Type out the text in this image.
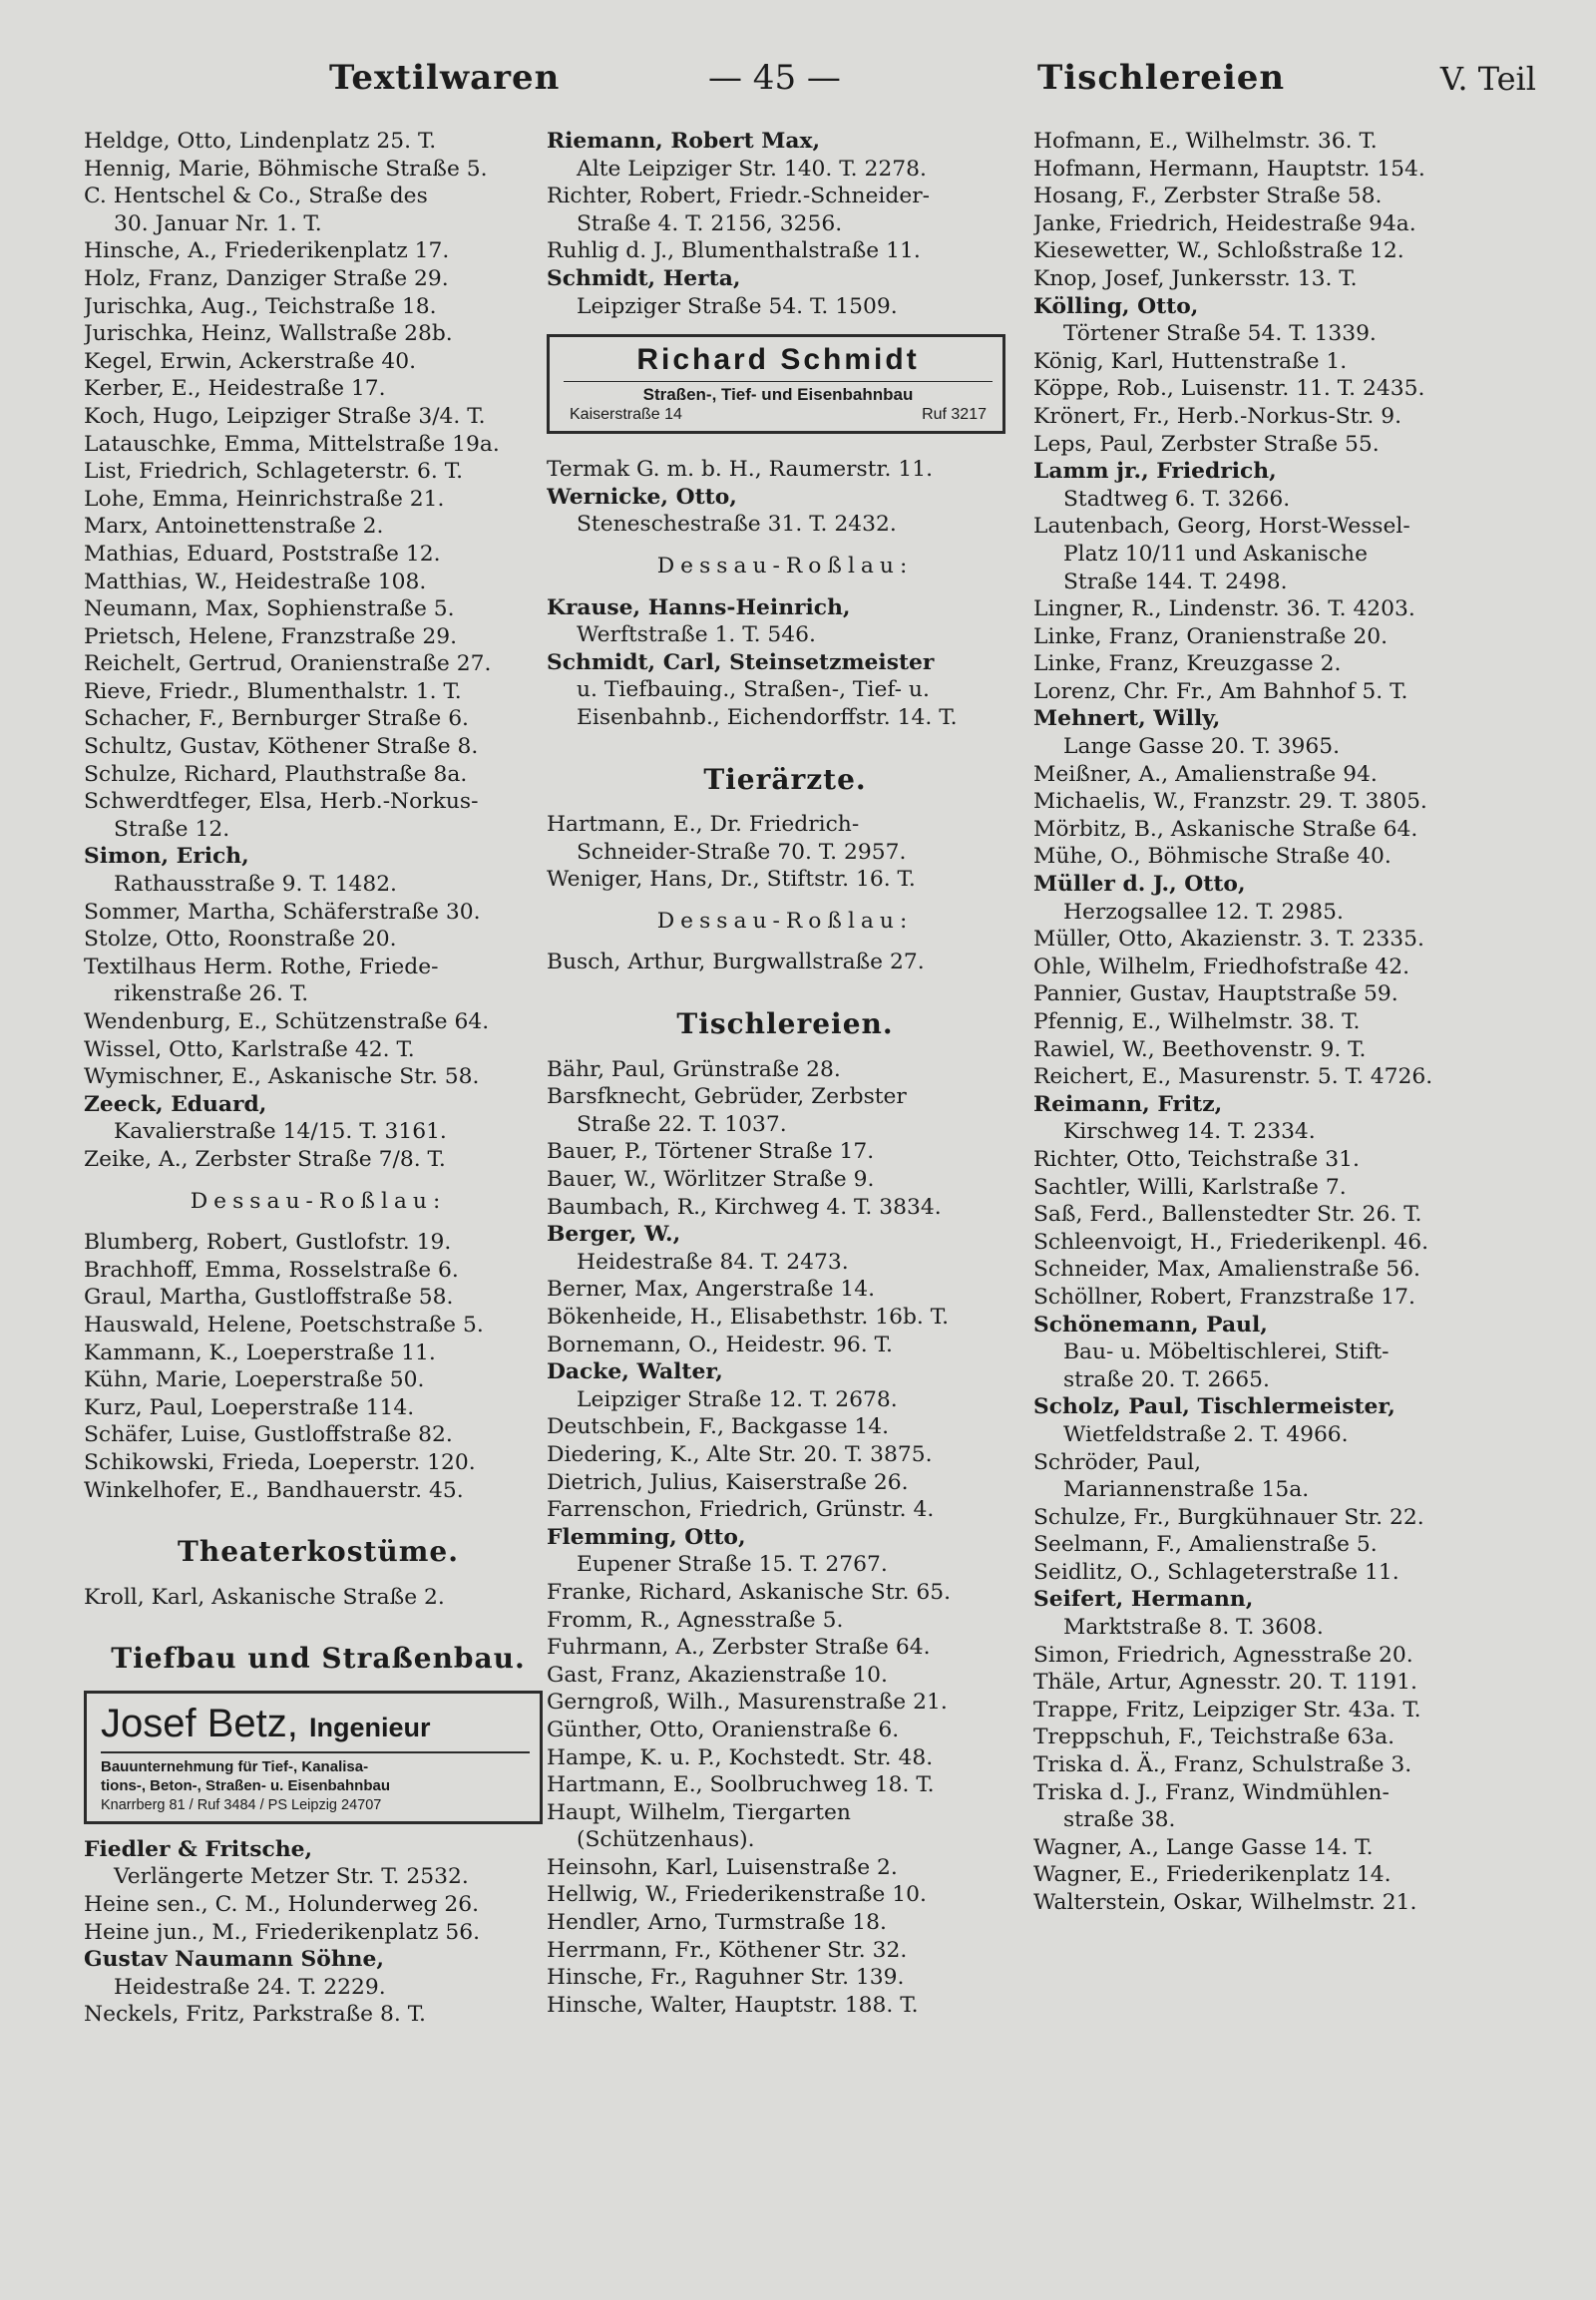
Textilwaren	— 45 —	Tischlereien	V. Teil
Heldge, Otto, Lindenplatz 25. T.
Hennig, Marie, Böhmische Straße 5.
C. Hentschel & Co., Straße des
30. Januar Nr. 1. T.
Hinsche, A., Friederikenplatz 17.
Holz, Franz, Danziger Straße 29.
Jurischka, Aug., Teichstraße 18.
Jurischka, Heinz, Wallstraße 28b.
Kegel, Erwin, Ackerstraße 40.
Kerber, E., Heidestraße 17.
Koch, Hugo, Leipziger Straße 3/4. T.
Latauschke, Emma, Mittelstraße 19a.
List, Friedrich, Schlageterstr. 6. T.
Lohe, Emma, Heinrichstraße 21.
Marx, Antoinettenstraße 2.
Mathias, Eduard, Poststraße 12.
Matthias, W., Heidestraße 108.
Neumann, Max, Sophienstraße 5.
Prietsch, Helene, Franzstraße 29.
Reichelt, Gertrud, Oranienstraße 27.
Rieve, Friedr., Blumenthalstr. 1. T.
Schacher, F., Bernburger Straße 6.
Schultz, Gustav, Köthener Straße 8.
Schulze, Richard, Plauthstraße 8a.
Schwerdtfeger, Elsa, Herb.-Norkus-
Straße 12.
Simon, Erich,
Rathausstraße 9. T. 1482.
Sommer, Martha, Schäferstraße 30.
Stolze, Otto, Roonstraße 20.
Textilhaus Herm. Rothe, Friede-
rikenstraße 26. T.
Wendenburg, E., Schützenstraße 64.
Wissel, Otto, Karlstraße 42. T.
Wymischner, E., Askanische Str. 58.
Zeeck, Eduard,
Kavalierstraße 14/15. T. 3161.
Zeike, A., Zerbster Straße 7/8. T.
Dessau-Roßlau:
Blumberg, Robert, Gustlofstr. 19.
Brachhoff, Emma, Rosselstraße 6.
Graul, Martha, Gustloffstraße 58.
Hauswald, Helene, Poetschstraße 5.
Kammann, K., Loeperstraße 11.
Kühn, Marie, Loeperstraße 50.
Kurz, Paul, Loeperstraße 114.
Schäfer, Luise, Gustloffstraße 82.
Schikowski, Frieda, Loeperstr. 120.
Winkelhofer, E., Bandhauerstr. 45.
Theaterkostüme.
Kroll, Karl, Askanische Straße 2.
Tiefbau und Straßenbau.
Josef Betz, Ingenieur
Bauunternehmung für Tief-, Kanalisa-
tions-, Beton-, Straßen- u. Eisenbahnbau
Knarrberg 81 / Ruf 3484 / PS Leipzig 24707
Fiedler & Fritsche,
Verlängerte Metzer Str. T. 2532.
Heine sen., C. M., Holunderweg 26.
Heine jun., M., Friederikenplatz 56.
Gustav Naumann Söhne,
Heidestraße 24. T. 2229.
Neckels, Fritz, Parkstraße 8. T.
Riemann, Robert Max,
Alte Leipziger Str. 140. T. 2278.
Richter, Robert, Friedr.-Schneider-
Straße 4. T. 2156, 3256.
Ruhlig d. J., Blumenthalstraße 11.
Schmidt, Herta,
Leipziger Straße 54. T. 1509.
Richard Schmidt
Straßen-, Tief- und Eisenbahnbau
Kaiserstraße 14	Ruf 3217
Termak G. m. b. H., Raumerstr. 11.
Wernicke, Otto,
Steneschestraße 31. T. 2432.
Dessau-Roßlau:
Krause, Hanns-Heinrich,
Werftstraße 1. T. 546.
Schmidt, Carl, Steinsetzmeister
u. Tiefbauing., Straßen-, Tief- u.
Eisenbahnb., Eichendorffstr. 14. T.
Tierärzte.
Hartmann, E., Dr. Friedrich-
Schneider-Straße 70. T. 2957.
Weniger, Hans, Dr., Stiftstr. 16. T.
Dessau-Roßlau:
Busch, Arthur, Burgwallstraße 27.
Tischlereien.
Bähr, Paul, Grünstraße 28.
Barsfknecht, Gebrüder, Zerbster
Straße 22. T. 1037.
Bauer, P., Törtener Straße 17.
Bauer, W., Wörlitzer Straße 9.
Baumbach, R., Kirchweg 4. T. 3834.
Berger, W.,
Heidestraße 84. T. 2473.
Berner, Max, Angerstraße 14.
Bökenheide, H., Elisabethstr. 16b. T.
Bornemann, O., Heidestr. 96. T.
Dacke, Walter,
Leipziger Straße 12. T. 2678.
Deutschbein, F., Backgasse 14.
Diedering, K., Alte Str. 20. T. 3875.
Dietrich, Julius, Kaiserstraße 26.
Farrenschon, Friedrich, Grünstr. 4.
Flemming, Otto,
Eupener Straße 15. T. 2767.
Franke, Richard, Askanische Str. 65.
Fromm, R., Agnesstraße 5.
Fuhrmann, A., Zerbster Straße 64.
Gast, Franz, Akazienstraße 10.
Gerngroß, Wilh., Masurenstraße 21.
Günther, Otto, Oranienstraße 6.
Hampe, K. u. P., Kochstedt. Str. 48.
Hartmann, E., Soolbruchweg 18. T.
Haupt, Wilhelm, Tiergarten
(Schützenhaus).
Heinsohn, Karl, Luisenstraße 2.
Hellwig, W., Friederikenstraße 10.
Hendler, Arno, Turmstraße 18.
Herrmann, Fr., Köthener Str. 32.
Hinsche, Fr., Raguhner Str. 139.
Hinsche, Walter, Hauptstr. 188. T.
Hofmann, E., Wilhelmstr. 36. T.
Hofmann, Hermann, Hauptstr. 154.
Hosang, F., Zerbster Straße 58.
Janke, Friedrich, Heidestraße 94a.
Kiesewetter, W., Schloßstraße 12.
Knop, Josef, Junkersstr. 13. T.
Kölling, Otto,
Törtener Straße 54. T. 1339.
König, Karl, Huttenstraße 1.
Köppe, Rob., Luisenstr. 11. T. 2435.
Krönert, Fr., Herb.-Norkus-Str. 9.
Leps, Paul, Zerbster Straße 55.
Lamm jr., Friedrich,
Stadtweg 6. T. 3266.
Lautenbach, Georg, Horst-Wessel-
Platz 10/11 und Askanische
Straße 144. T. 2498.
Lingner, R., Lindenstr. 36. T. 4203.
Linke, Franz, Oranienstraße 20.
Linke, Franz, Kreuzgasse 2.
Lorenz, Chr. Fr., Am Bahnhof 5. T.
Mehnert, Willy,
Lange Gasse 20. T. 3965.
Meißner, A., Amalienstraße 94.
Michaelis, W., Franzstr. 29. T. 3805.
Mörbitz, B., Askanische Straße 64.
Mühe, O., Böhmische Straße 40.
Müller d. J., Otto,
Herzogsallee 12. T. 2985.
Müller, Otto, Akazienstr. 3. T. 2335.
Ohle, Wilhelm, Friedhofstraße 42.
Pannier, Gustav, Hauptstraße 59.
Pfennig, E., Wilhelmstr. 38. T.
Rawiel, W., Beethovenstr. 9. T.
Reichert, E., Masurenstr. 5. T. 4726.
Reimann, Fritz,
Kirschweg 14. T. 2334.
Richter, Otto, Teichstraße 31.
Sachtler, Willi, Karlstraße 7.
Saß, Ferd., Ballenstedter Str. 26. T.
Schleenvoigt, H., Friederikenpl. 46.
Schneider, Max, Amalienstraße 56.
Schöllner, Robert, Franzstraße 17.
Schönemann, Paul,
Bau- u. Möbeltischlerei, Stift-
straße 20. T. 2665.
Scholz, Paul, Tischlermeister,
Wietfeldstraße 2. T. 4966.
Schröder, Paul,
Mariannenstraße 15a.
Schulze, Fr., Burgkühnauer Str. 22.
Seelmann, F., Amalienstraße 5.
Seidlitz, O., Schlageterstraße 11.
Seifert, Hermann,
Marktstraße 8. T. 3608.
Simon, Friedrich, Agnesstraße 20.
Thäle, Artur, Agnesstr. 20. T. 1191.
Trappe, Fritz, Leipziger Str. 43a. T.
Treppschuh, F., Teichstraße 63a.
Triska d. Ä., Franz, Schulstraße 3.
Triska d. J., Franz, Windmühlen-
straße 38.
Wagner, A., Lange Gasse 14. T.
Wagner, E., Friederikenplatz 14.
Walterstein, Oskar, Wilhelmstr. 21.
